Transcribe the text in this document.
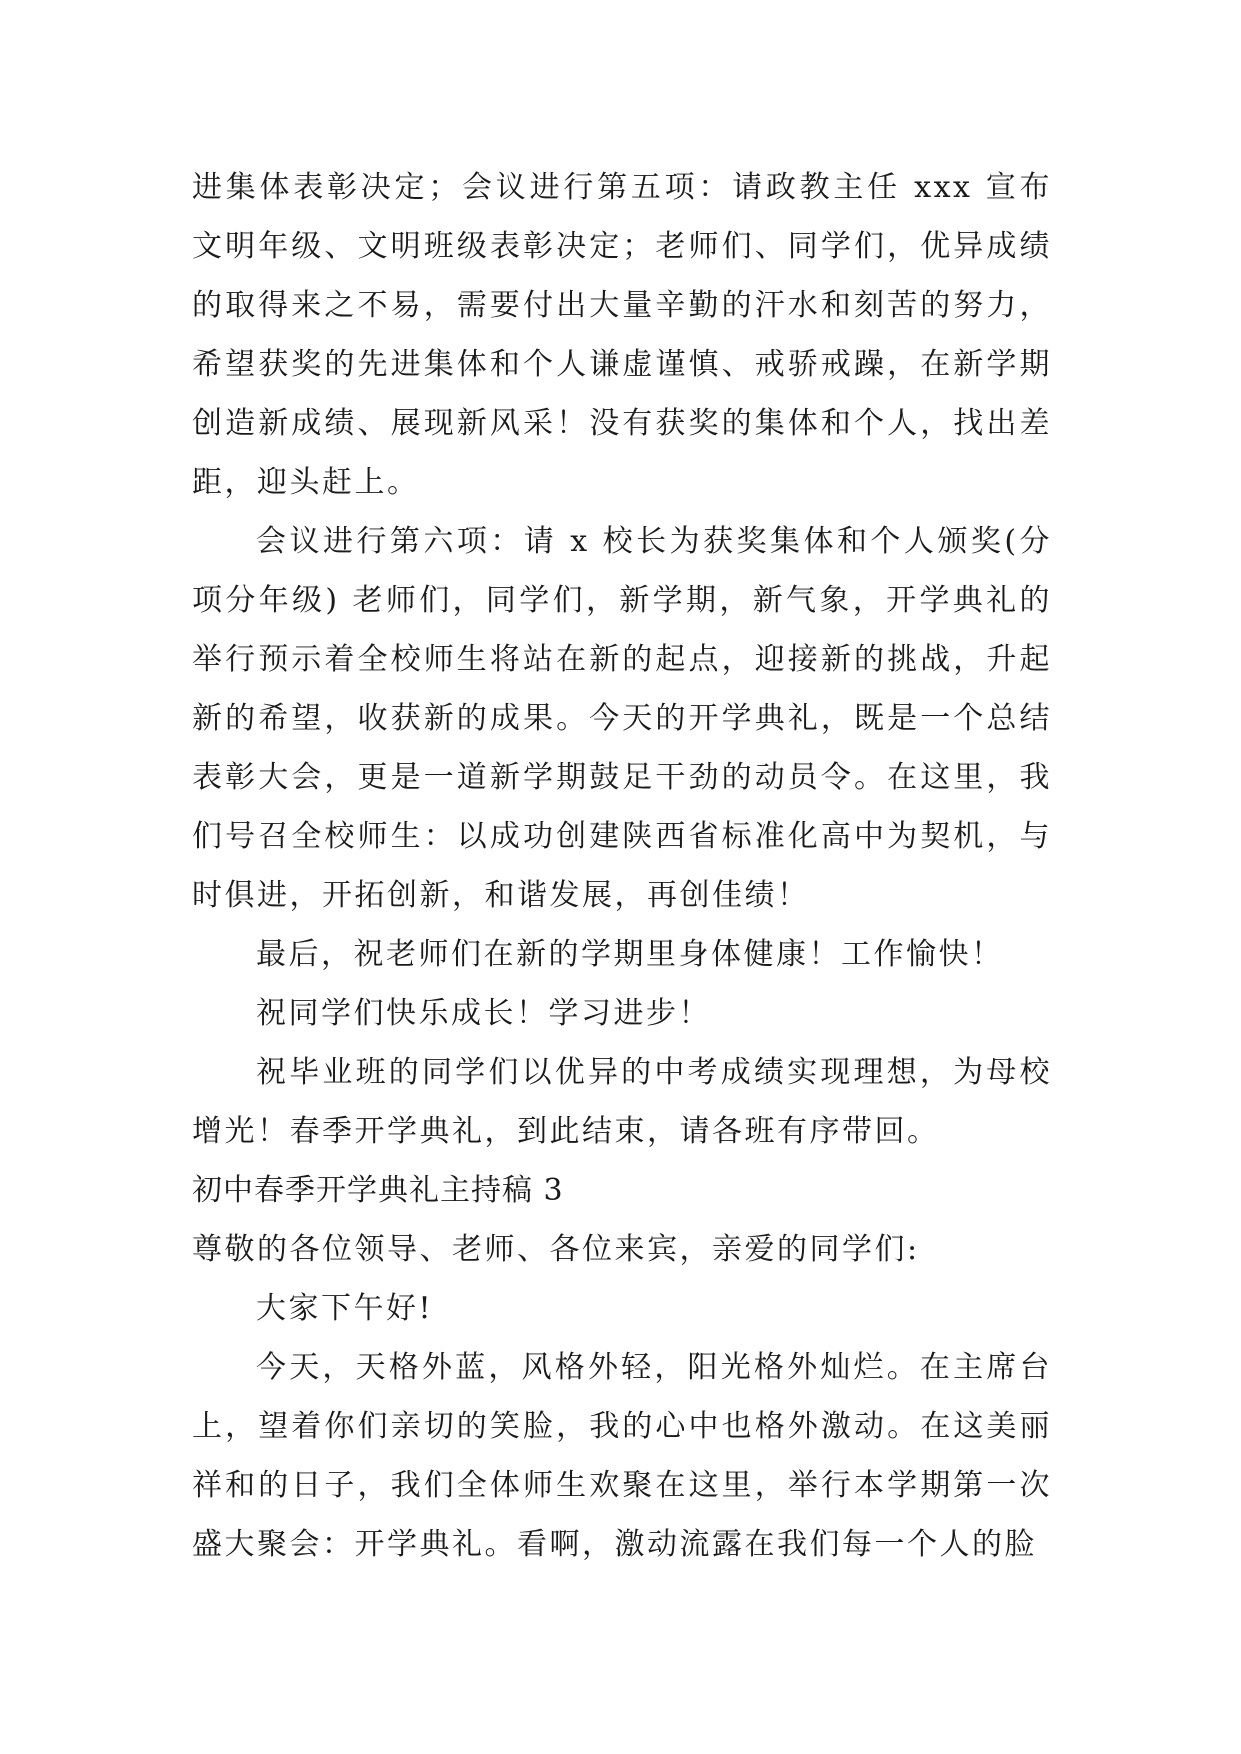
进集体表彰决定；会议进行第五项：请政教主任 xxx 宣布文明年级、文明班级表彰决定；老师们、同学们，优异成绩的取得来之不易，需要付出大量辛勤的汗水和刻苦的努力，希望获奖的先进集体和个人谦虚谨慎、戒骄戒躁，在新学期创造新成绩、展现新风采！没有获奖的集体和个人，找出差距，迎头赶上。

会议进行第六项：请 x 校长为获奖集体和个人颁奖(分项分年级) 老师们，同学们，新学期，新气象，开学典礼的举行预示着全校师生将站在新的起点，迎接新的挑战，升起新的希望，收获新的成果。今天的开学典礼，既是一个总结表彰大会，更是一道新学期鼓足干劲的动员令。在这里，我们号召全校师生：以成功创建陕西省标准化高中为契机，与时俱进，开拓创新，和谐发展，再创佳绩！

最后，祝老师们在新的学期里身体健康！工作愉快！

祝同学们快乐成长！学习进步！

祝毕业班的同学们以优异的中考成绩实现理想，为母校增光！春季开学典礼，到此结束，请各班有序带回。

初中春季开学典礼主持稿 3

尊敬的各位领导、老师、各位来宾，亲爱的同学们:

大家下午好!

今天，天格外蓝，风格外轻，阳光格外灿烂。在主席台上，望着你们亲切的笑脸，我的心中也格外激动。在这美丽祥和的日子，我们全体师生欢聚在这里，举行本学期第一次盛大聚会：开学典礼。看啊，激动流露在我们每一个人的脸
